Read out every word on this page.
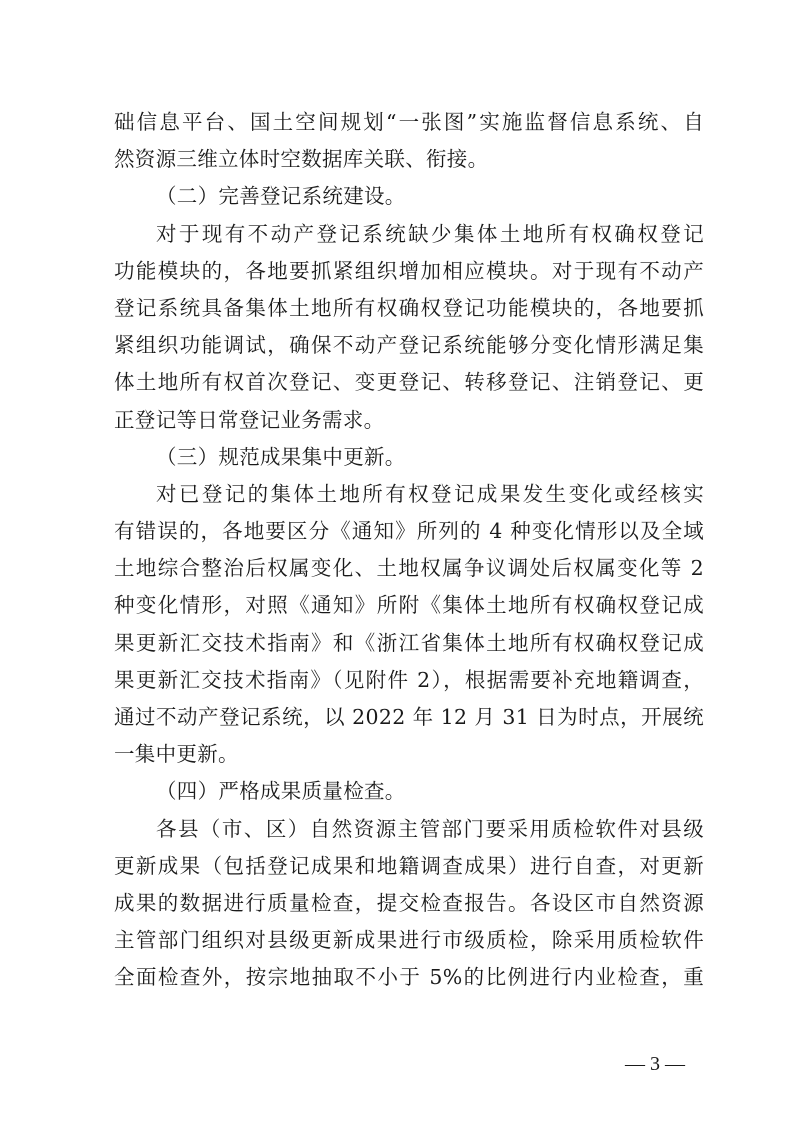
础信息平台、国土空间规划“一张图”实施监督信息系统、自
然资源三维立体时空数据库关联、衔接。
（二）完善登记系统建设。
对于现有不动产登记系统缺少集体土地所有权确权登记
功能模块的，各地要抓紧组织增加相应模块。对于现有不动产
登记系统具备集体土地所有权确权登记功能模块的，各地要抓
紧组织功能调试，确保不动产登记系统能够分变化情形满足集
体土地所有权首次登记、变更登记、转移登记、注销登记、更
正登记等日常登记业务需求。
（三）规范成果集中更新。
对已登记的集体土地所有权登记成果发生变化或经核实
有错误的，各地要区分《通知》所列的 4 种变化情形以及全域
土地综合整治后权属变化、土地权属争议调处后权属变化等 2
种变化情形，对照《通知》所附《集体土地所有权确权登记成
果更新汇交技术指南》和《浙江省集体土地所有权确权登记成
果更新汇交技术指南》（见附件 2），根据需要补充地籍调查，
通过不动产登记系统，以 2022 年 12 月 31 日为时点，开展统
一集中更新。
（四）严格成果质量检查。
各县（市、区）自然资源主管部门要采用质检软件对县级
更新成果（包括登记成果和地籍调查成果）进行自查，对更新
成果的数据进行质量检查，提交检查报告。各设区市自然资源
主管部门组织对县级更新成果进行市级质检，除采用质检软件
全面检查外，按宗地抽取不小于 5%的比例进行内业检查，重
— 3 —
